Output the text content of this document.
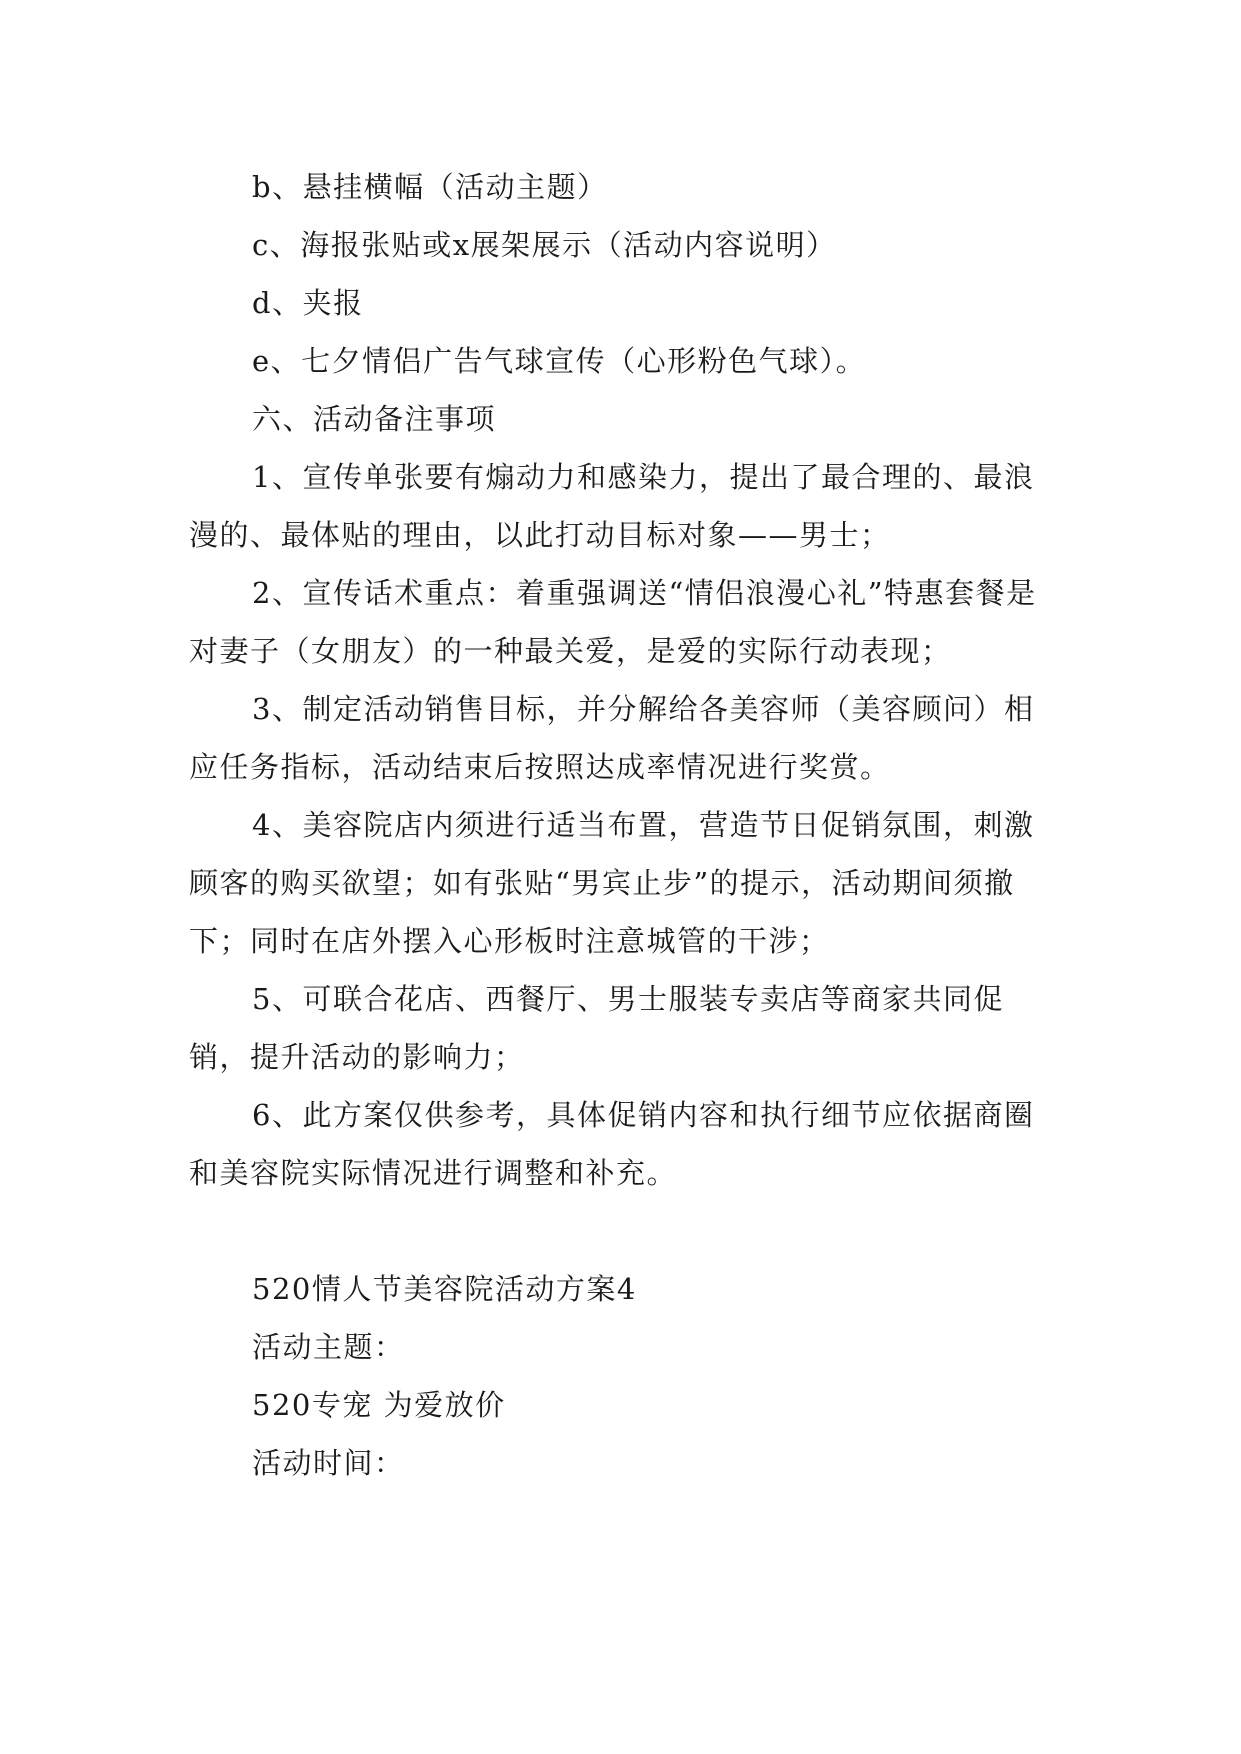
b、悬挂横幅（活动主题）

c、海报张贴或x展架展示（活动内容说明）

d、夹报

e、七夕情侣广告气球宣传（心形粉色气球）。

六、活动备注事项

1、宣传单张要有煽动力和感染力，提出了最合理的、最浪漫的、最体贴的理由，以此打动目标对象——男士；

2、宣传话术重点：着重强调送“情侣浪漫心礼”特惠套餐是对妻子（女朋友）的一种最关爱，是爱的实际行动表现；

3、制定活动销售目标，并分解给各美容师（美容顾问）相应任务指标，活动结束后按照达成率情况进行奖赏。

4、美容院店内须进行适当布置，营造节日促销氛围，刺激顾客的购买欲望；如有张贴“男宾止步”的提示，活动期间须撤下；同时在店外摆入心形板时注意城管的干涉；

5、可联合花店、西餐厅、男士服装专卖店等商家共同促销，提升活动的影响力；

6、此方案仅供参考，具体促销内容和执行细节应依据商圈和美容院实际情况进行调整和补充。

520情人节美容院活动方案4

活动主题：

520专宠 为爱放价

活动时间：
